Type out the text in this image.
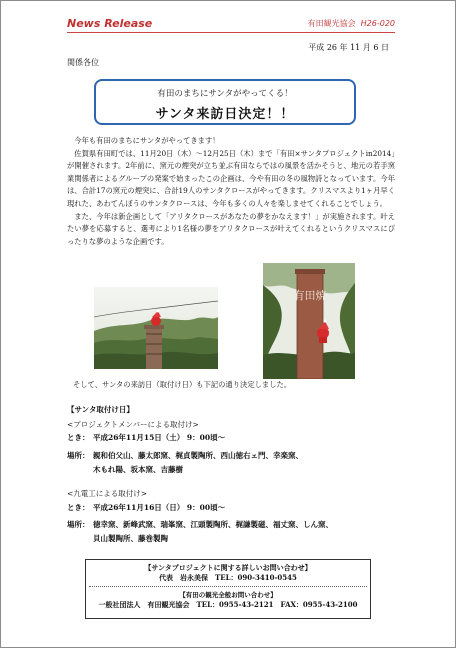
News Release	有田観光協会 H26-020
平成 26 年 11 月 6 日
関係各位
有田のまちにサンタがやってくる！
サンタ来訪日決定！！

今年も有田のまちにサンタがやってきます！

佐賀県有田町では、11月20日（木）～12月25日（木）まで「有田×サンタプロジェクトin2014」が開催されます。2年前に、窯元の煙突が立ち並ぶ有田ならではの風景を活かそうと、地元の若手窯業関係者によるグループの発案で始まったこの企画は、今や有田の冬の風物詩となっています。今年は、合計17の窯元の煙突に、合計19人のサンタクロースがやってきます。クリスマスより1ヶ月早く現れた、あわてんぼうのサンタクロースは、今年も多くの人々を楽しませてくれることでしょう。

また、今年は新企画として「アリタクロースがあなたの夢をかなえます！」が実施されます。叶えたい夢を応募すると、選考により1名様の夢をアリタクロースが叶えてくれるというクリスマスにぴったりな夢のような企画です。

有田焼
そして、サンタの来訪日（取付け日）も下記の通り決定しました。
【サンタ取付け日】
<プロジェクトメンバーによる取付け>
とき： 平成26年11月15日（土） 9：00頃～
場所： 親和伯父山、藤太郎窯、梶貞製陶所、西山徳右ェ門、幸楽窯、
木もれ陽、坂本窯、吉藤樹
<九電工による取付け>
とき： 平成26年11月16日（日） 9：00頃～
場所： 徳幸窯、新峰武窯、瑞峯窯、江頭製陶所、梶謙製磁、福丈窯、しん窯、
貝山製陶所、藤巻製陶
【サンタプロジェクトに関する詳しいお問い合わせ】
代表　岩永美保　TEL：090-3410-0545
【有田の観光全般お問い合わせ】
一般社団法人　有田観光協会　TEL：0955-43-2121　FAX：0955-43-2100
